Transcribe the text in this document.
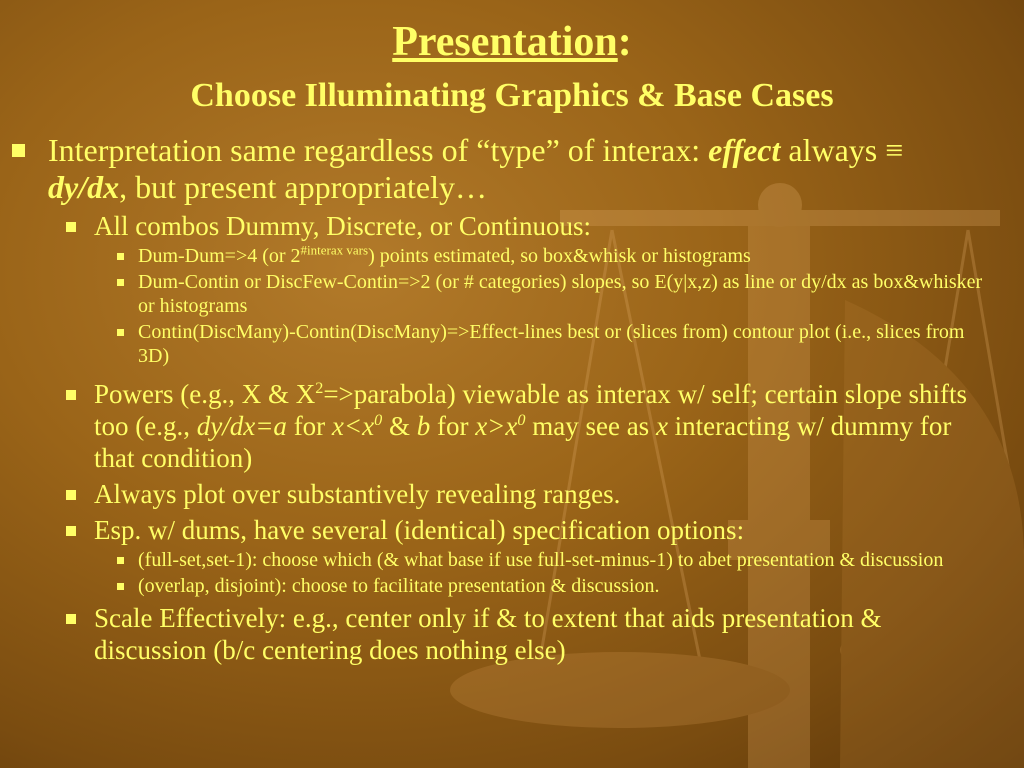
Presentation:
Choose Illuminating Graphics & Base Cases
Interpretation same regardless of “type” of interax: effect always ≡ dy/dx, but present appropriately…
All combos Dummy, Discrete, or Continuous:
Dum-Dum=>4 (or $2^{\#interax vars}$) points estimated, so box&whisk or histograms
Dum-Contin or DiscFew-Contin=>2 (or # categories) slopes, so E(y|x,z) as line or dy/dx as box&whisker or histograms
Contin(DiscMany)-Contin(DiscMany)=>Effect-lines best or (slices from) contour plot (i.e., slices from 3D)
Powers (e.g., X & $X^2=>parabola$) viewable as interax w/ self; certain slope shifts too (e.g., dy/dx=a for $x<x^0$ & b for $x>x^0$ may see as x interacting w/ dummy for that condition)
Always plot over substantively revealing ranges.
Esp. w/ dums, have several (identical) specification options:
(full-set,set-1): choose which (& what base if use full-set-minus-1) to abet presentation & discussion
(overlap, disjoint): choose to facilitate presentation & discussion.
Scale Effectively: e.g., center only if & to extent that aids presentation & discussion (b/c centering does nothing else)
